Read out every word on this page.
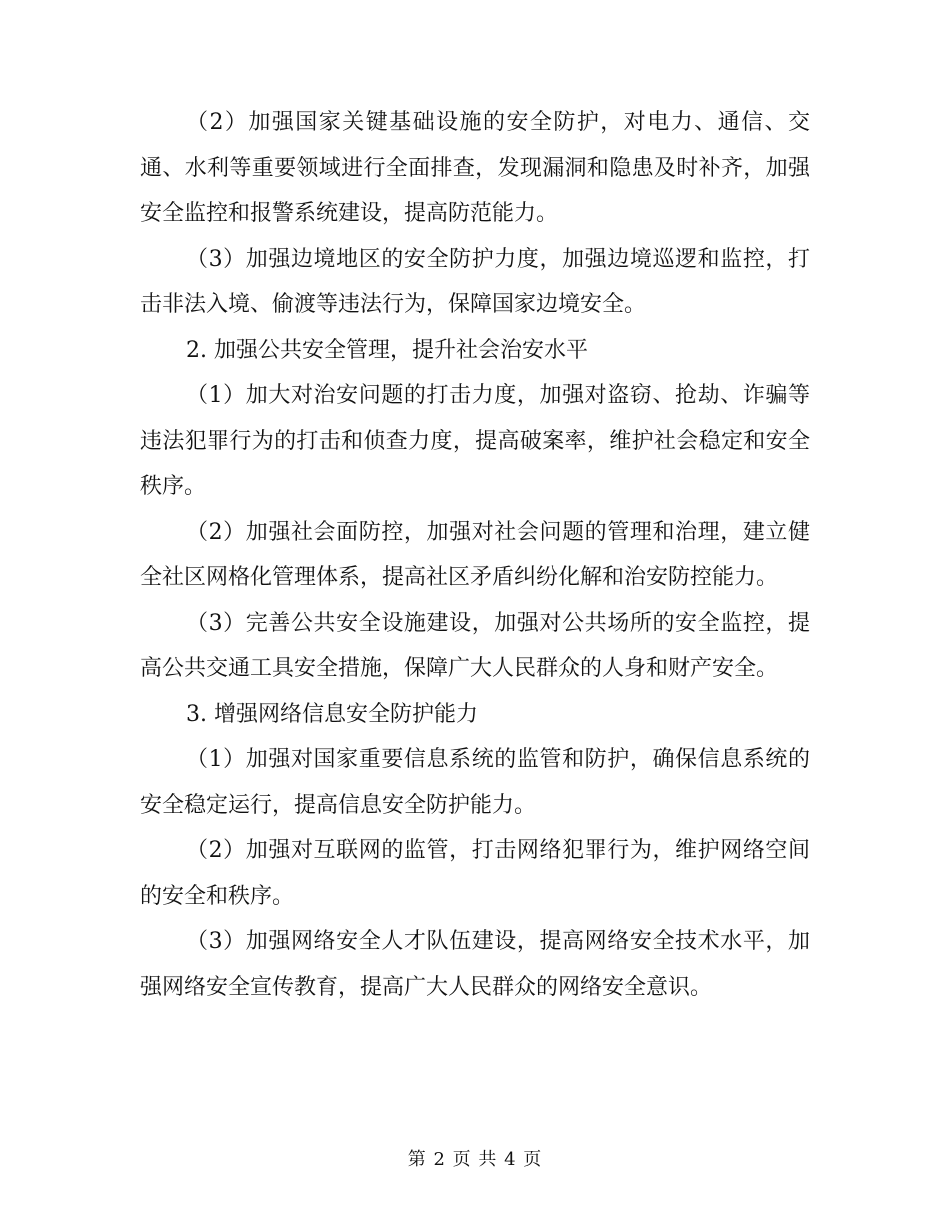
（2）加强国家关键基础设施的安全防护，对电力、通信、交通、水利等重要领域进行全面排查，发现漏洞和隐患及时补齐，加强安全监控和报警系统建设，提高防范能力。

（3）加强边境地区的安全防护力度，加强边境巡逻和监控，打击非法入境、偷渡等违法行为，保障国家边境安全。

2. 加强公共安全管理，提升社会治安水平

（1）加大对治安问题的打击力度，加强对盗窃、抢劫、诈骗等违法犯罪行为的打击和侦查力度，提高破案率，维护社会稳定和安全秩序。

（2）加强社会面防控，加强对社会问题的管理和治理，建立健全社区网格化管理体系，提高社区矛盾纠纷化解和治安防控能力。

（3）完善公共安全设施建设，加强对公共场所的安全监控，提高公共交通工具安全措施，保障广大人民群众的人身和财产安全。

3. 增强网络信息安全防护能力

（1）加强对国家重要信息系统的监管和防护，确保信息系统的安全稳定运行，提高信息安全防护能力。

（2）加强对互联网的监管，打击网络犯罪行为，维护网络空间的安全和秩序。

（3）加强网络安全人才队伍建设，提高网络安全技术水平，加强网络安全宣传教育，提高广大人民群众的网络安全意识。

第 2 页 共 4 页
